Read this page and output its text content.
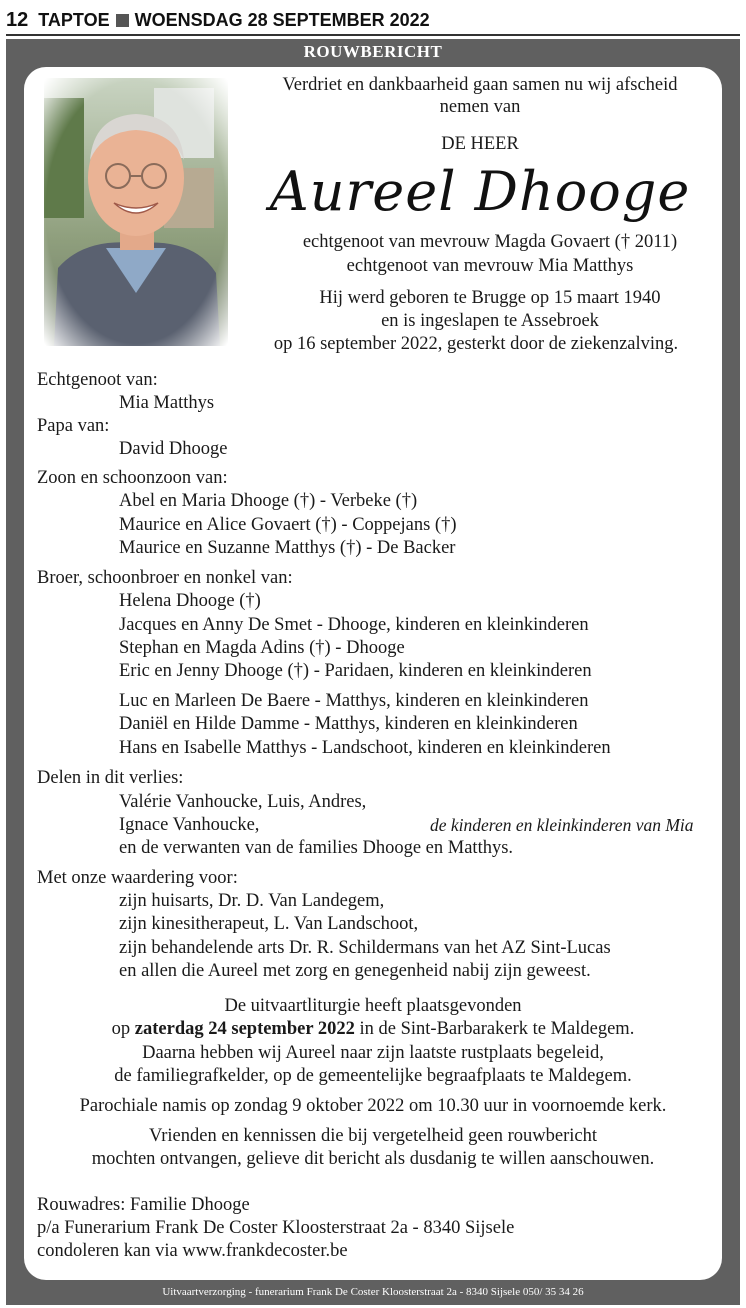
12 TAPTOE WOENSDAG 28 SEPTEMBER 2022
ROUWBERICHT
Uitvaartverzorging - funerarium Frank De Coster Kloosterstraat 2a - 8340 Sijsele 050/ 35 34 26
Verdriet en dankbaarheid gaan samen nu wij afscheid
nemen van
DE HEER
Aureel Dhooge
echtgenoot van mevrouw Magda Govaert († 2011)
echtgenoot van mevrouw Mia Matthys
Hij werd geboren te Brugge op 15 maart 1940
en is ingeslapen te Assebroek
op 16 september 2022, gesterkt door de ziekenzalving.
Echtgenoot van:
Mia Matthys
Papa van:
David Dhooge
Zoon en schoonzoon van:
Abel en Maria Dhooge (†) - Verbeke (†)
Maurice en Alice Govaert (†) - Coppejans (†)
Maurice en Suzanne Matthys (†) - De Backer
Broer, schoonbroer en nonkel van:
Helena Dhooge (†)
Jacques en Anny De Smet - Dhooge, kinderen en kleinkinderen
Stephan en Magda Adins (†) - Dhooge
Eric en Jenny Dhooge (†) - Paridaen, kinderen en kleinkinderen
Luc en Marleen De Baere - Matthys, kinderen en kleinkinderen
Daniël en Hilde Damme - Matthys, kinderen en kleinkinderen
Hans en Isabelle Matthys - Landschoot, kinderen en kleinkinderen
Delen in dit verlies:
Valérie Vanhoucke, Luis, Andres,
Ignace Vanhoucke,	de kinderen en kleinkinderen van Mia
en de verwanten van de families Dhooge en Matthys.
Met onze waardering voor:
zijn huisarts, Dr. D. Van Landegem,
zijn kinesitherapeut, L. Van Landschoot,
zijn behandelende arts Dr. R. Schildermans van het AZ Sint-Lucas
en allen die Aureel met zorg en genegenheid nabij zijn geweest.
De uitvaartliturgie heeft plaatsgevonden
op zaterdag 24 september 2022 in de Sint-Barbarakerk te Maldegem.
Daarna hebben wij Aureel naar zijn laatste rustplaats begeleid,
de familiegrafkelder, op de gemeentelijke begraafplaats te Maldegem.
Parochiale namis op zondag 9 oktober 2022 om 10.30 uur in voornoemde kerk.
Vrienden en kennissen die bij vergetelheid geen rouwbericht
mochten ontvangen, gelieve dit bericht als dusdanig te willen aanschouwen.
Rouwadres: Familie Dhooge
p/a Funerarium Frank De Coster Kloosterstraat 2a - 8340 Sijsele
condoleren kan via www.frankdecoster.be
